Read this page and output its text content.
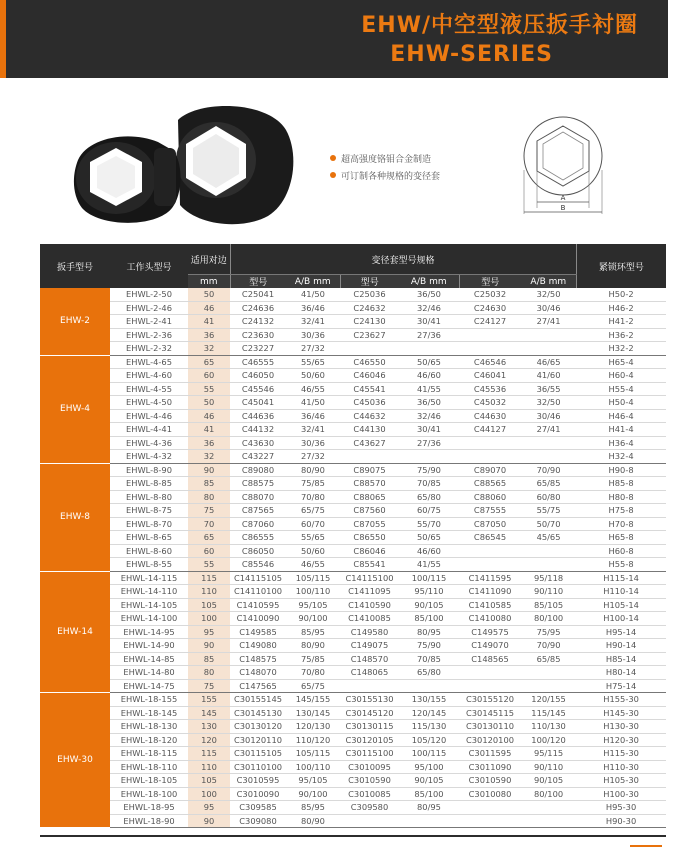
EHW/中空型液压扳手衬圈
EHW-SERIES
超高强度铬钼合金制造
可订制各种规格的变径套
A
B
扳手型号	工作头型号	适用对边	变径套型号规格						紧锁环型号
		mm	型号	A/B mm	型号	A/B mm	型号	A/B mm	
EHW-2	EHWL-2-50	50	C25041	41/50	C25036	36/50	C25032	32/50	H50-2
	EHWL-2-46	46	C24636	36/46	C24632	32/46	C24630	30/46	H46-2
	EHWL-2-41	41	C24132	32/41	C24130	30/41	C24127	27/41	H41-2
	EHWL-2-36	36	C23630	30/36	C23627	27/36			H36-2
	EHWL-2-32	32	C23227	27/32					H32-2
EHW-4	EHWL-4-65	65	C46555	55/65	C46550	50/65	C46546	46/65	H65-4
	EHWL-4-60	60	C46050	50/60	C46046	46/60	C46041	41/60	H60-4
	EHWL-4-55	55	C45546	46/55	C45541	41/55	C45536	36/55	H55-4
	EHWL-4-50	50	C45041	41/50	C45036	36/50	C45032	32/50	H50-4
	EHWL-4-46	46	C44636	36/46	C44632	32/46	C44630	30/46	H46-4
	EHWL-4-41	41	C44132	32/41	C44130	30/41	C44127	27/41	H41-4
	EHWL-4-36	36	C43630	30/36	C43627	27/36			H36-4
	EHWL-4-32	32	C43227	27/32					H32-4
EHW-8	EHWL-8-90	90	C89080	80/90	C89075	75/90	C89070	70/90	H90-8
	EHWL-8-85	85	C88575	75/85	C88570	70/85	C88565	65/85	H85-8
	EHWL-8-80	80	C88070	70/80	C88065	65/80	C88060	60/80	H80-8
	EHWL-8-75	75	C87565	65/75	C87560	60/75	C87555	55/75	H75-8
	EHWL-8-70	70	C87060	60/70	C87055	55/70	C87050	50/70	H70-8
	EHWL-8-65	65	C86555	55/65	C86550	50/65	C86545	45/65	H65-8
	EHWL-8-60	60	C86050	50/60	C86046	46/60			H60-8
	EHWL-8-55	55	C85546	46/55	C85541	41/55			H55-8
EHW-14	EHWL-14-115	115	C14115105	105/115	C14115100	100/115	C1411595	95/118	H115-14
	EHWL-14-110	110	C14110100	100/110	C1411095	95/110	C1411090	90/110	H110-14
	EHWL-14-105	105	C1410595	95/105	C1410590	90/105	C1410585	85/105	H105-14
	EHWL-14-100	100	C1410090	90/100	C1410085	85/100	C1410080	80/100	H100-14
	EHWL-14-95	95	C149585	85/95	C149580	80/95	C149575	75/95	H95-14
	EHWL-14-90	90	C149080	80/90	C149075	75/90	C149070	70/90	H90-14
	EHWL-14-85	85	C148575	75/85	C148570	70/85	C148565	65/85	H85-14
	EHWL-14-80	80	C148070	70/80	C148065	65/80			H80-14
	EHWL-14-75	75	C147565	65/75					H75-14
EHW-30	EHWL-18-155	155	C30155145	145/155	C30155130	130/155	C30155120	120/155	H155-30
	EHWL-18-145	145	C30145130	130/145	C30145120	120/145	C30145115	115/145	H145-30
	EHWL-18-130	130	C30130120	120/130	C30130115	115/130	C30130110	110/130	H130-30
	EHWL-18-120	120	C30120110	110/120	C30120105	105/120	C30120100	100/120	H120-30
	EHWL-18-115	115	C30115105	105/115	C30115100	100/115	C3011595	95/115	H115-30
	EHWL-18-110	110	C30110100	100/110	C3010095	95/100	C3011090	90/110	H110-30
	EHWL-18-105	105	C3010595	95/105	C3010590	90/105	C3010590	90/105	H105-30
	EHWL-18-100	100	C3010090	90/100	C3010085	85/100	C3010080	80/100	H100-30
	EHWL-18-95	95	C309585	85/95	C309580	80/95			H95-30
	EHWL-18-90	90	C309080	80/90					H90-30
